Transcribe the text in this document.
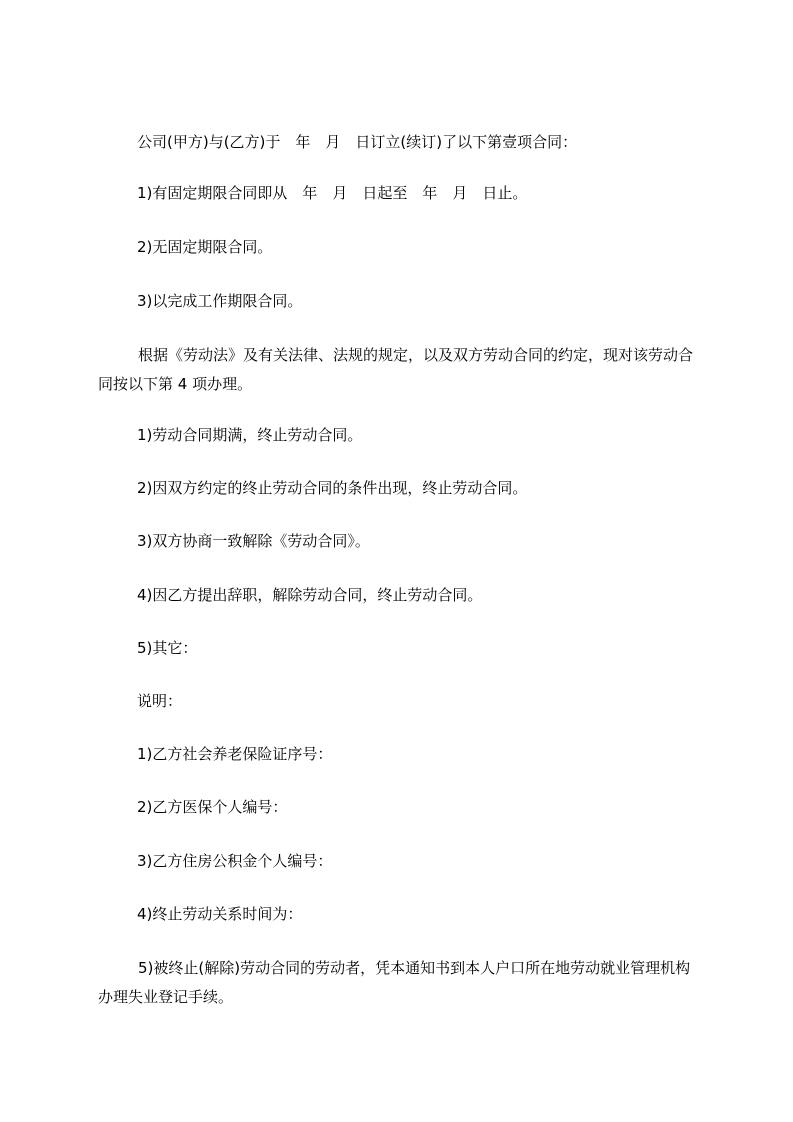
公司(甲方)与(乙方)于　年　月　日订立(续订)了以下第壹项合同：
1)有固定期限合同即从　年　月　日起至　年　月　日止。
2)无固定期限合同。
3)以完成工作期限合同。
根据《劳动法》及有关法律、法规的规定，以及双方劳动合同的约定，现对该劳动合同按以下第 4 项办理。
1)劳动合同期满，终止劳动合同。
2)因双方约定的终止劳动合同的条件出现，终止劳动合同。
3)双方协商一致解除《劳动合同》。
4)因乙方提出辞职，解除劳动合同，终止劳动合同。
5)其它：
说明：
1)乙方社会养老保险证序号：
2)乙方医保个人编号：
3)乙方住房公积金个人编号：
4)终止劳动关系时间为：
5)被终止(解除)劳动合同的劳动者，凭本通知书到本人户口所在地劳动就业管理机构办理失业登记手续。
